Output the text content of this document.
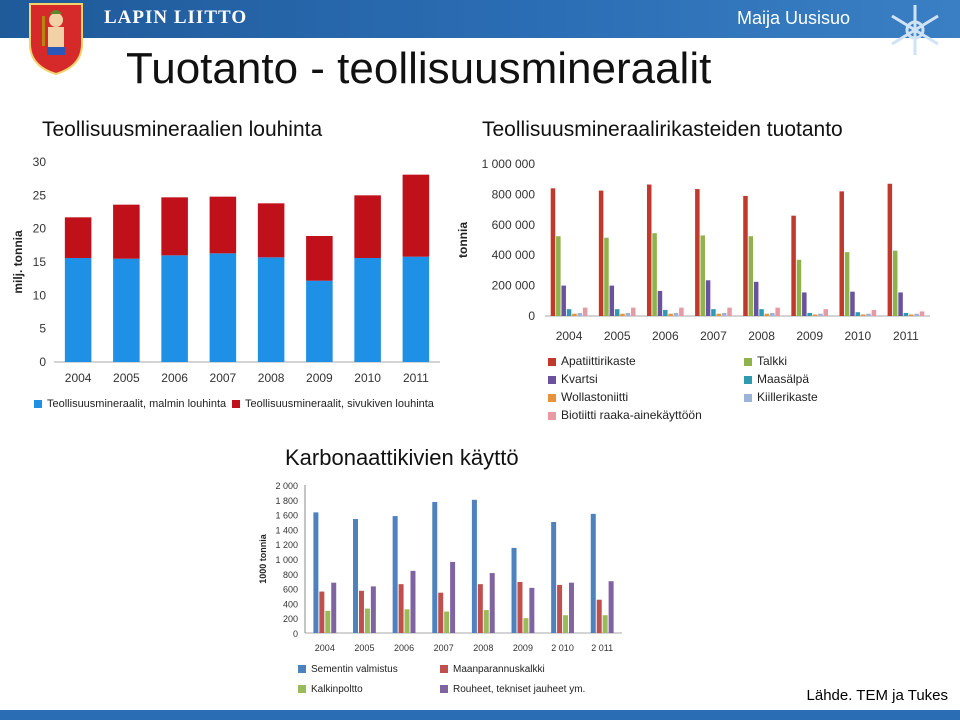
LAPIN LIITTO	Maija Uusisuo
Tuotanto - teollisuusmineraalit
Teollisuusmineraalien louhinta	Teollisuusmineraalirikasteiden tuotanto
Karbonaattikivien käyttö
0
5
10
15
20
25
30
milj. tonnia
2004 2005 2006 2007 2008 2009 2010 2011
0
200 000
400 000
600 000
800 000
1 000 000
tonnia
2004 2005 2006 2007 2008 2009 2010 2011
0
200
400
600
800
1 000
1 200
1 400
1 600
1 800
2 000
1000 tonnia
2004 2005 2006 2007 2008 2009 2 010 2 011
Teollisuusmineraalit, malmin louhinta	Teollisuusmineraalit, sivukiven louhinta
Apatiittirikaste	Talkki
Kvartsi	Maasälpä
Wollastoniitti	Kiillerikaste
Biotiitti raaka-ainekäyttöön
Sementin valmistus	Maanparannuskalkki
Kalkinpoltto	Rouheet, tekniset jauheet ym.	Lähde. TEM ja Tukes
